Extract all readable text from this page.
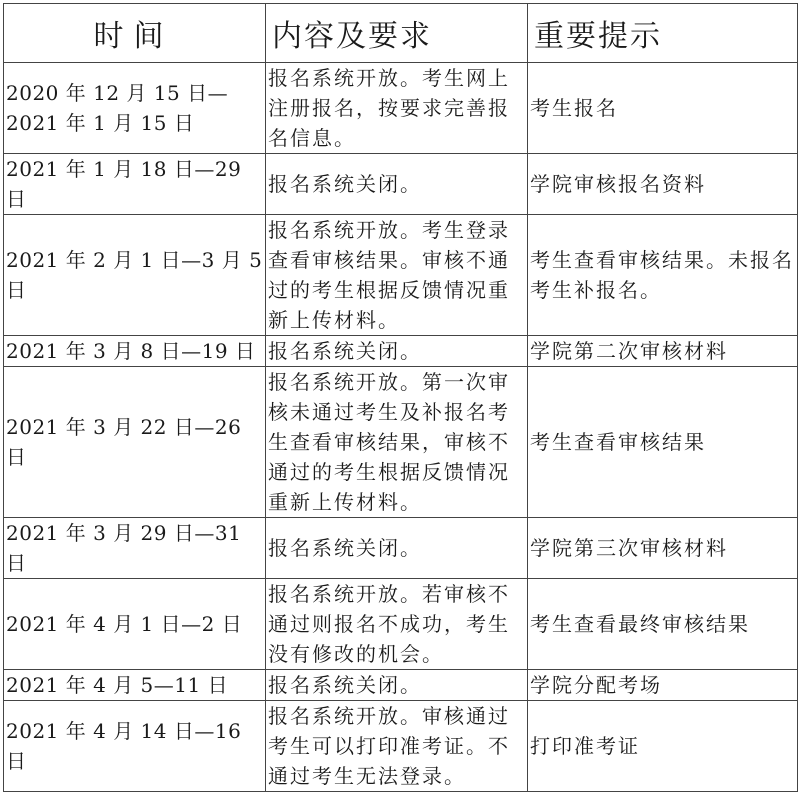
时间	内容及要求	重要提示
2020 年 12 月 15 日—2021 年 1 月 15 日	报名系统开放。考生网上注册报名，按要求完善报名信息。	考生报名
2021 年 1 月 18 日—29 日	报名系统关闭。	学院审核报名资料
2021 年 2 月 1 日—3 月 5 日	报名系统开放。考生登录查看审核结果。审核不通过的考生根据反馈情况重新上传材料。	考生查看审核结果。未报名考生补报名。
2021 年 3 月 8 日—19 日	报名系统关闭。	学院第二次审核材料
2021 年 3 月 22 日—26 日	报名系统开放。第一次审核未通过考生及补报名考生查看审核结果，审核不通过的考生根据反馈情况重新上传材料。	考生查看审核结果
2021 年 3 月 29 日—31 日	报名系统关闭。	学院第三次审核材料
2021 年 4 月 1 日—2 日	报名系统开放。若审核不通过则报名不成功，考生没有修改的机会。	考生查看最终审核结果
2021 年 4 月 5—11 日	报名系统关闭。	学院分配考场
2021 年 4 月 14 日—16 日	报名系统开放。审核通过考生可以打印准考证。不通过考生无法登录。	打印准考证
